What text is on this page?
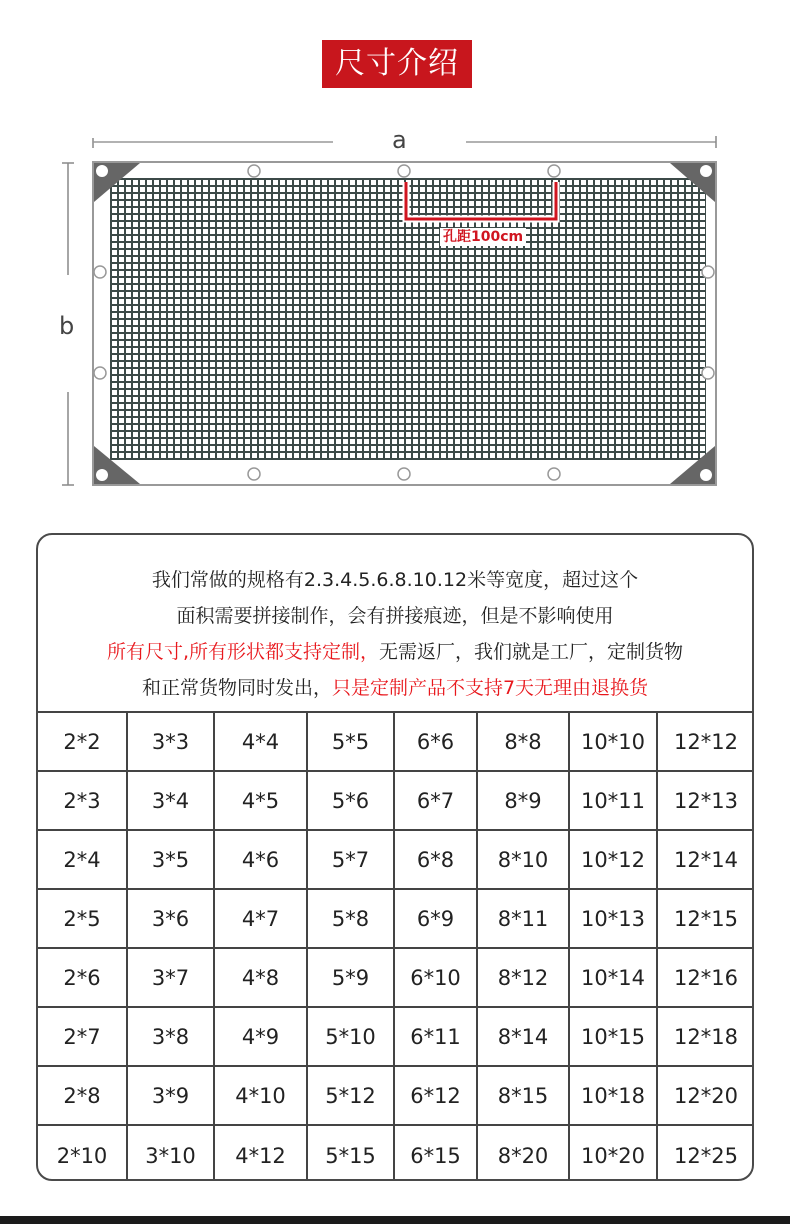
尺寸介绍
a
b
孔距100cm
我们常做的规格有2.3.4.5.6.8.10.12米等宽度，超过这个
面积需要拼接制作，会有拼接痕迹，但是不影响使用
所有尺寸,所有形状都支持定制，无需返厂，我们就是工厂，定制货物
和正常货物同时发出，只是定制产品不支持7天无理由退换货
2*2	3*3	4*4	5*5	6*6	8*8	10*10	12*12
2*3	3*4	4*5	5*6	6*7	8*9	10*11	12*13
2*4	3*5	4*6	5*7	6*8	8*10	10*12	12*14
2*5	3*6	4*7	5*8	6*9	8*11	10*13	12*15
2*6	3*7	4*8	5*9	6*10	8*12	10*14	12*16
2*7	3*8	4*9	5*10	6*11	8*14	10*15	12*18
2*8	3*9	4*10	5*12	6*12	8*15	10*18	12*20
2*10	3*10	4*12	5*15	6*15	8*20	10*20	12*25
